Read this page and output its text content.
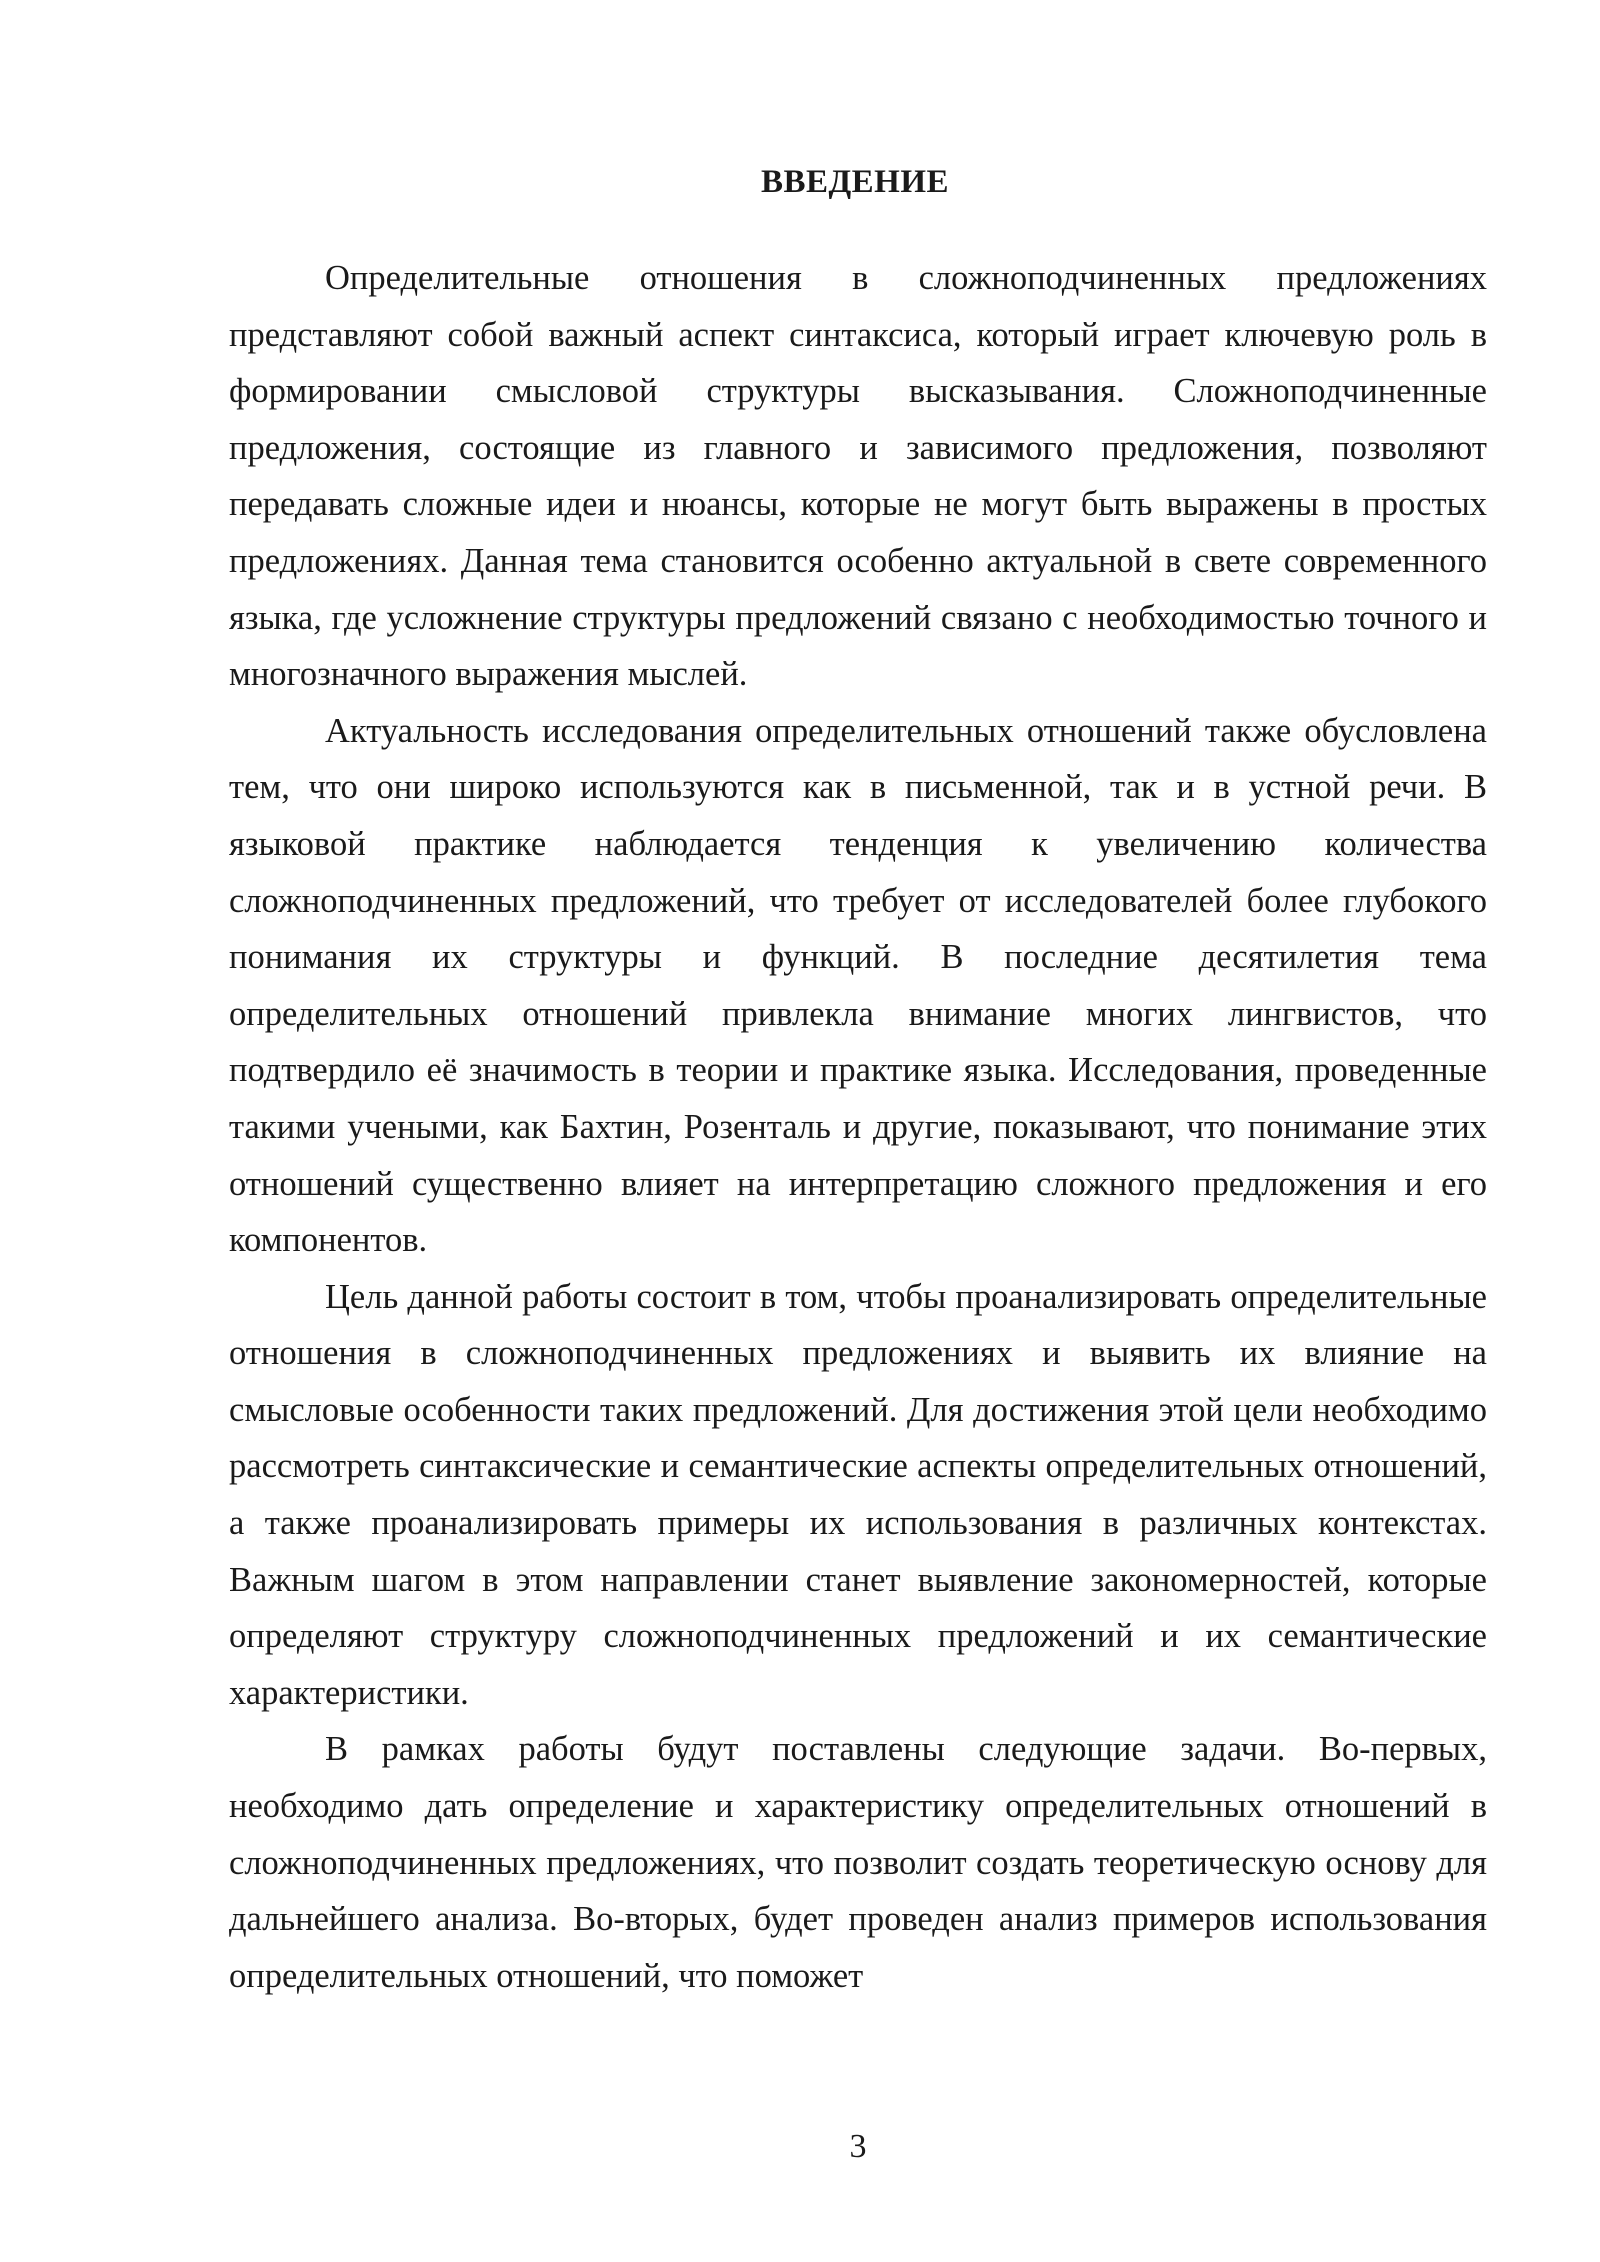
ВВЕДЕНИЕ

Определительные отношения в сложноподчиненных предложениях представляют собой важный аспект синтаксиса, который играет ключевую роль в формировании смысловой структуры высказывания. Сложноподчиненные предложения, состоящие из главного и зависимого предложения, позволяют передавать сложные идеи и нюансы, которые не могут быть выражены в простых предложениях. Данная тема становится особенно актуальной в свете современного языка, где усложнение структуры предложений связано с необходимостью точного и многозначного выражения мыслей.

Актуальность исследования определительных отношений также обусловлена тем, что они широко используются как в письменной, так и в устной речи. В языковой практике наблюдается тенденция к увеличению количества сложноподчиненных предложений, что требует от исследователей более глубокого понимания их структуры и функций. В последние десятилетия тема определительных отношений привлекла внимание многих лингвистов, что подтвердило её значимость в теории и практике языка. Исследования, проведенные такими учеными, как Бахтин, Розенталь и другие, показывают, что понимание этих отношений существенно влияет на интерпретацию сложного предложения и его компонентов.

Цель данной работы состоит в том, чтобы проанализировать определительные отношения в сложноподчиненных предложениях и выявить их влияние на смысловые особенности таких предложений. Для достижения этой цели необходимо рассмотреть синтаксические и семантические аспекты определительных отношений, а также проанализировать примеры их использования в различных контекстах. Важным шагом в этом направлении станет выявление закономерностей, которые определяют структуру сложноподчиненных предложений и их семантические характеристики.

В рамках работы будут поставлены следующие задачи. Во-первых, необходимо дать определение и характеристику определительных отношений в сложноподчиненных предложениях, что позволит создать теоретическую основу для дальнейшего анализа. Во-вторых, будет проведен анализ примеров использования определительных отношений, что поможет

3
